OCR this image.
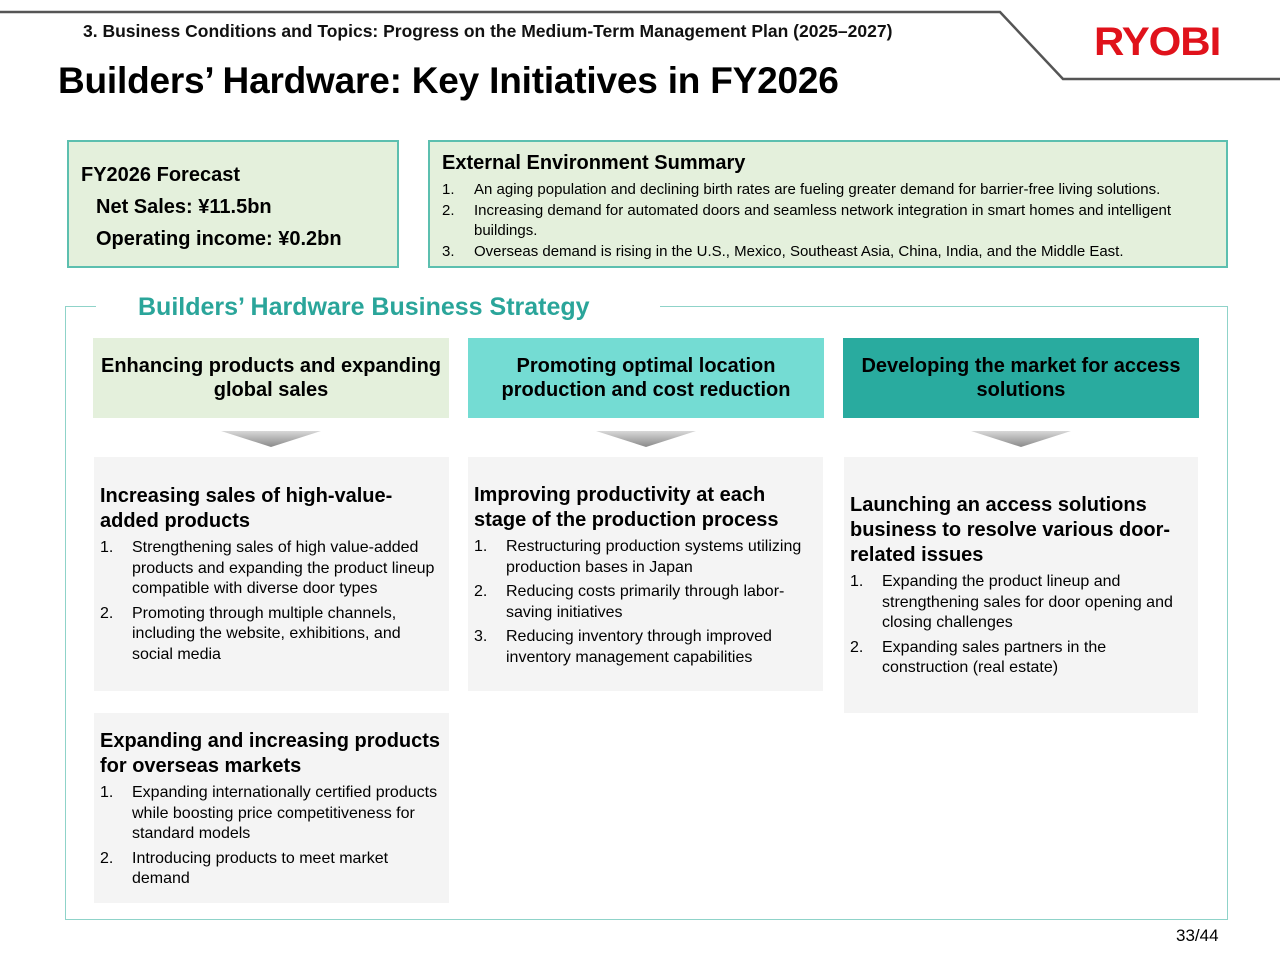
3. Business Conditions and Topics: Progress on the Medium-Term Management Plan (2025–2027)
Builders’ Hardware: Key Initiatives in FY2026
RYOBI
FY2026 Forecast
Net Sales: ¥11.5bn
Operating income: ¥0.2bn
External Environment Summary
1. An aging population and declining birth rates are fueling greater demand for barrier-free living solutions.
2. Increasing demand for automated doors and seamless network integration in smart homes and intelligent buildings.
3. Overseas demand is rising in the U.S., Mexico, Southeast Asia, China, India, and the Middle East.
Builders’ Hardware Business Strategy
Enhancing products and expanding global sales
Promoting optimal location production and cost reduction
Developing the market for access solutions
Increasing sales of high-value-added products
1. Strengthening sales of high value-added products and expanding the product lineup compatible with diverse door types
2. Promoting through multiple channels, including the website, exhibitions, and social media
Improving productivity at each stage of the production process
1. Restructuring production systems utilizing production bases in Japan
2. Reducing costs primarily through labor-saving initiatives
3. Reducing inventory through improved inventory management capabilities
Launching an access solutions business to resolve various door-related issues
1. Expanding the product lineup and strengthening sales for door opening and closing challenges
2. Expanding sales partners in the construction (real estate)
Expanding and increasing products for overseas markets
1. Expanding internationally certified products while boosting price competitiveness for standard models
2. Introducing products to meet market demand
33/44
